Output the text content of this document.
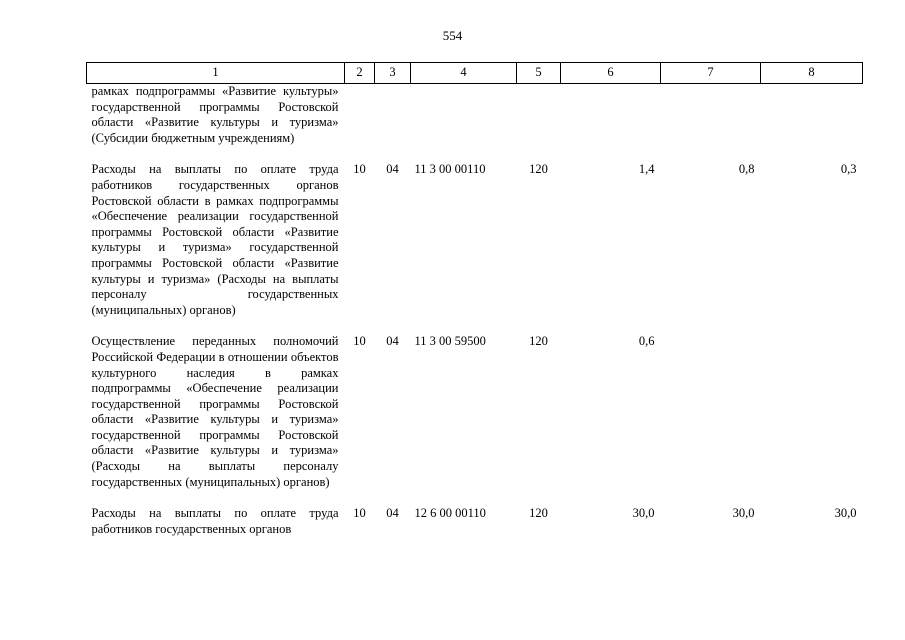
554
1	2	3	4	5	6	7	8
рамках подпрограммы «Развитие культуры» государственной программы Ростовской области «Развитие культуры и туризма» (Субсидии бюджетным учреждениям)							
Расходы на выплаты по оплате труда работников государственных органов Ростовской области в рамках подпрограммы «Обеспечение реализации государственной программы Ростовской области «Развитие культуры и туризма» государственной программы Ростовской области «Развитие культуры и туризма» (Расходы на выплаты персоналу государственных (муниципальных) органов)	10	04	11 3 00 00110	120	1,4	0,8	0,3
Осуществление переданных полномочий Российской Федерации в отношении объектов культурного наследия в рамках подпрограммы «Обеспечение реализации государственной программы Ростовской области «Развитие культуры и туризма» государственной программы Ростовской области «Развитие культуры и туризма» (Расходы на выплаты персоналу государственных (муниципальных) органов)	10	04	11 3 00 59500	120	0,6		
Расходы на выплаты по оплате труда работников государственных органов	10	04	12 6 00 00110	120	30,0	30,0	30,0
